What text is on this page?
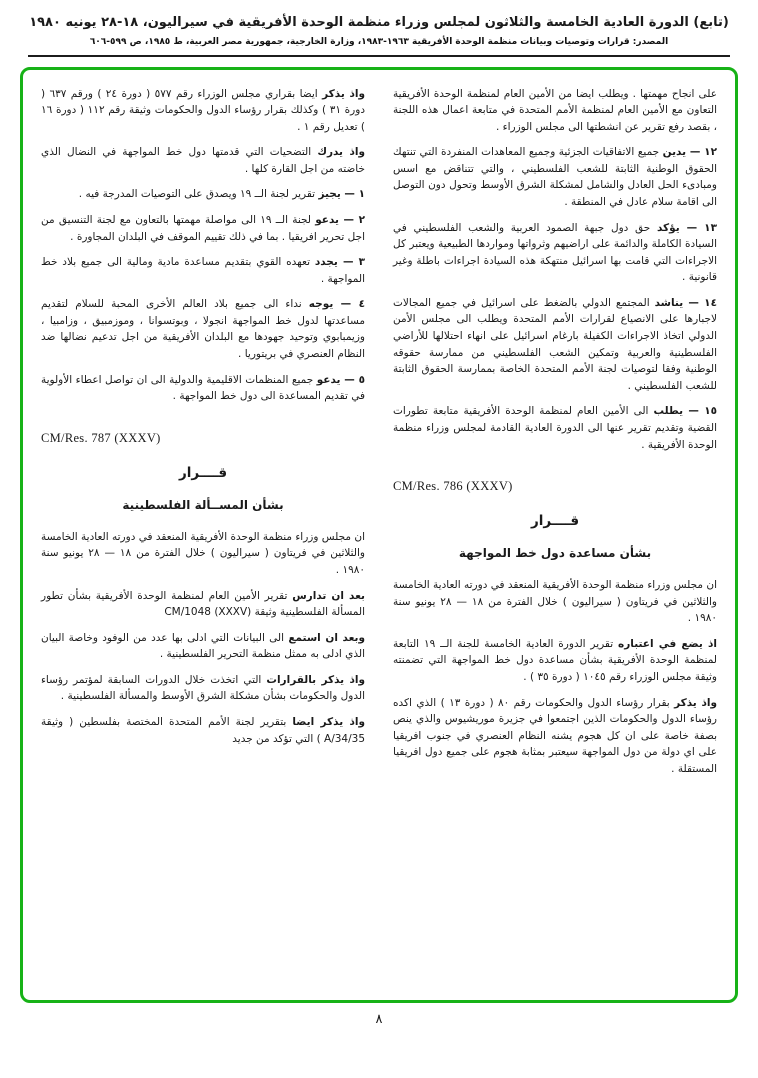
(تابع) الدورة العادية الخامسة والثلاثون لمجلس وزراء منظمة الوحدة الأفريقية في سيراليون، ١٨-٢٨ يونيه ١٩٨٠
المصدر: قرارات وتوصيات وبيانات منظمة الوحدة الأفريقية ١٩٦٣-١٩٨٣، وزارة الخارجية، جمهورية مصر العربية، ط ١٩٨٥، ص ٥٩٩-٦٠٦
على انجاح مهمتها . ويطلب ايضا من الأمين العام لمنظمة الوحدة الأفريقية التعاون مع الأمين العام لمنظمة الأمم المتحدة في متابعة اعمال هذه اللجنة ، بقصد رفع تقرير عن انشطتها الى مجلس الوزراء .
١٢ — يدين جميع الاتفاقيات الجزئية وجميع المعاهدات المنفردة التي تنتهك الحقوق الوطنية الثابتة للشعب الفلسطيني ، والتي تتناقض مع اسس ومبادىء الحل العادل والشامل لمشكلة الشرق الأوسط وتحول دون التوصل الى اقامة سلام عادل في المنطقة .
١٣ — يؤكد حق دول جبهة الصمود العربية والشعب الفلسطيني في السيادة الكاملة والدائمة على اراضيهم وثرواتها ومواردها الطبيعية ويعتبر كل الاجراءات التي قامت بها اسرائيل منتهكة هذه السيادة اجراءات باطلة وغير قانونية .
١٤ — يناشد المجتمع الدولي بالضغط على اسرائيل في جميع المجالات لاجبارها على الانصياع لقرارات الأمم المتحدة ويطلب الى مجلس الأمن الدولي اتخاذ الاجراءات الكفيلة بارغام اسرائيل على انهاء احتلالها للأراضي الفلسطينية والعربية وتمكين الشعب الفلسطيني من ممارسة حقوقه الوطنية وفقا لتوصيات لجنة الأمم المتحدة الخاصة بممارسة الحقوق الثابتة للشعب الفلسطيني .
١٥ — يطلب الى الأمين العام لمنظمة الوحدة الأفريقية متابعة تطورات القضية وتقديم تقرير عنها الى الدورة العادية القادمة لمجلس وزراء منظمة الوحدة الأفريقية .
CM/Res. 786 (XXXV)
قــــرار
بشأن مساعدة دول خط المواجهة
ان مجلس وزراء منظمة الوحدة الأفريقية المنعقد في دورته العادية الخامسة والثلاثين في فريتاون ( سيراليون ) خلال الفترة من ١٨ — ٢٨ يونيو سنة ١٩٨٠ .
اذ يضع في اعتباره تقرير الدورة العادية الخامسة للجنة الــ ١٩ التابعة لمنظمة الوحدة الأفريقية بشأن مساعدة دول خط المواجهة التي تضمنته وثيقة مجلس الوزراء رقم ١٠٤٥ ( دورة ٣٥ ) .
واذ يذكر بقرار رؤساء الدول والحكومات رقم ٨٠ ( دورة ١٣ ) الذي اكده رؤساء الدول والحكومات الذين اجتمعوا في جزيرة موريشيوس والذي ينص بصفة خاصة على ان كل هجوم يشنه النظام العنصري في جنوب افريقيا على اي دولة من دول المواجهة سيعتبر بمثابة هجوم على جميع دول افريقيا المستقلة .
واذ يذكر ايضا بقراري مجلس الوزراء رقم ٥٧٧ ( دورة ٢٤ ) ورقم ٦٣٧ ( دورة ٣١ ) وكذلك بقرار رؤساء الدول والحكومات وثيقة رقم ١١٢ ( دورة ١٦ ) تعديل رقم ١ .
واذ يدرك التضحيات التي قدمتها دول خط المواجهة في النضال الذي خاضته من اجل القارة كلها .
١ — يجيز تقرير لجنة الــ ١٩ ويصدق على التوصيات المدرجة فيه .
٢ — يدعو لجنة الــ ١٩ الى مواصلة مهمتها بالتعاون مع لجنة التنسيق من اجل تحرير افريقيا . بما في ذلك تقييم الموقف في البلدان المجاورة .
٣ — يجدد تعهده القوي بتقديم مساعدة مادية ومالية الى جميع بلاد خط المواجهة .
٤ — يوجه نداء الى جميع بلاد العالم الأخرى المحبة للسلام لتقديم مساعدتها لدول خط المواجهة انجولا ، وبوتسوانا ، وموزمبيق ، وزامبيا ، وزيمبابوي وتوحيد جهودها مع البلدان الأفريقية من اجل تدعيم نضالها ضد النظام العنصري في بريتوريا .
٥ — يدعو جميع المنظمات الاقليمية والدولية الى ان تواصل اعطاء الأولوية في تقديم المساعدة الى دول خط المواجهة .
CM/Res. 787 (XXXV)
قــــرار
بشأن المســألة الفلسطينية
ان مجلس وزراء منظمة الوحدة الأفريقية المنعقد في دورته العادية الخامسة والثلاثين في فريتاون ( سيراليون ) خلال الفترة من ١٨ — ٢٨ يونيو سنة ١٩٨٠ .
بعد ان تدارس تقرير الأمين العام لمنظمة الوحدة الأفريقية بشأن تطور المسألة الفلسطينية وثيقة CM/1048 (XXXV)
وبعد ان استمع الى البيانات التي ادلى بها عدد من الوفود وخاصة البيان الذي ادلى به ممثل منظمة التحرير الفلسطينية .
واذ يذكر بالقرارات التي اتخذت خلال الدورات السابقة لمؤتمر رؤساء الدول والحكومات بشأن مشكلة الشرق الأوسط والمسألة الفلسطينية .
واذ يذكر ايضا بتقرير لجنة الأمم المتحدة المختصة بفلسطين ( وثيقة A/34/35 ) التي تؤكد من جديد
٨
